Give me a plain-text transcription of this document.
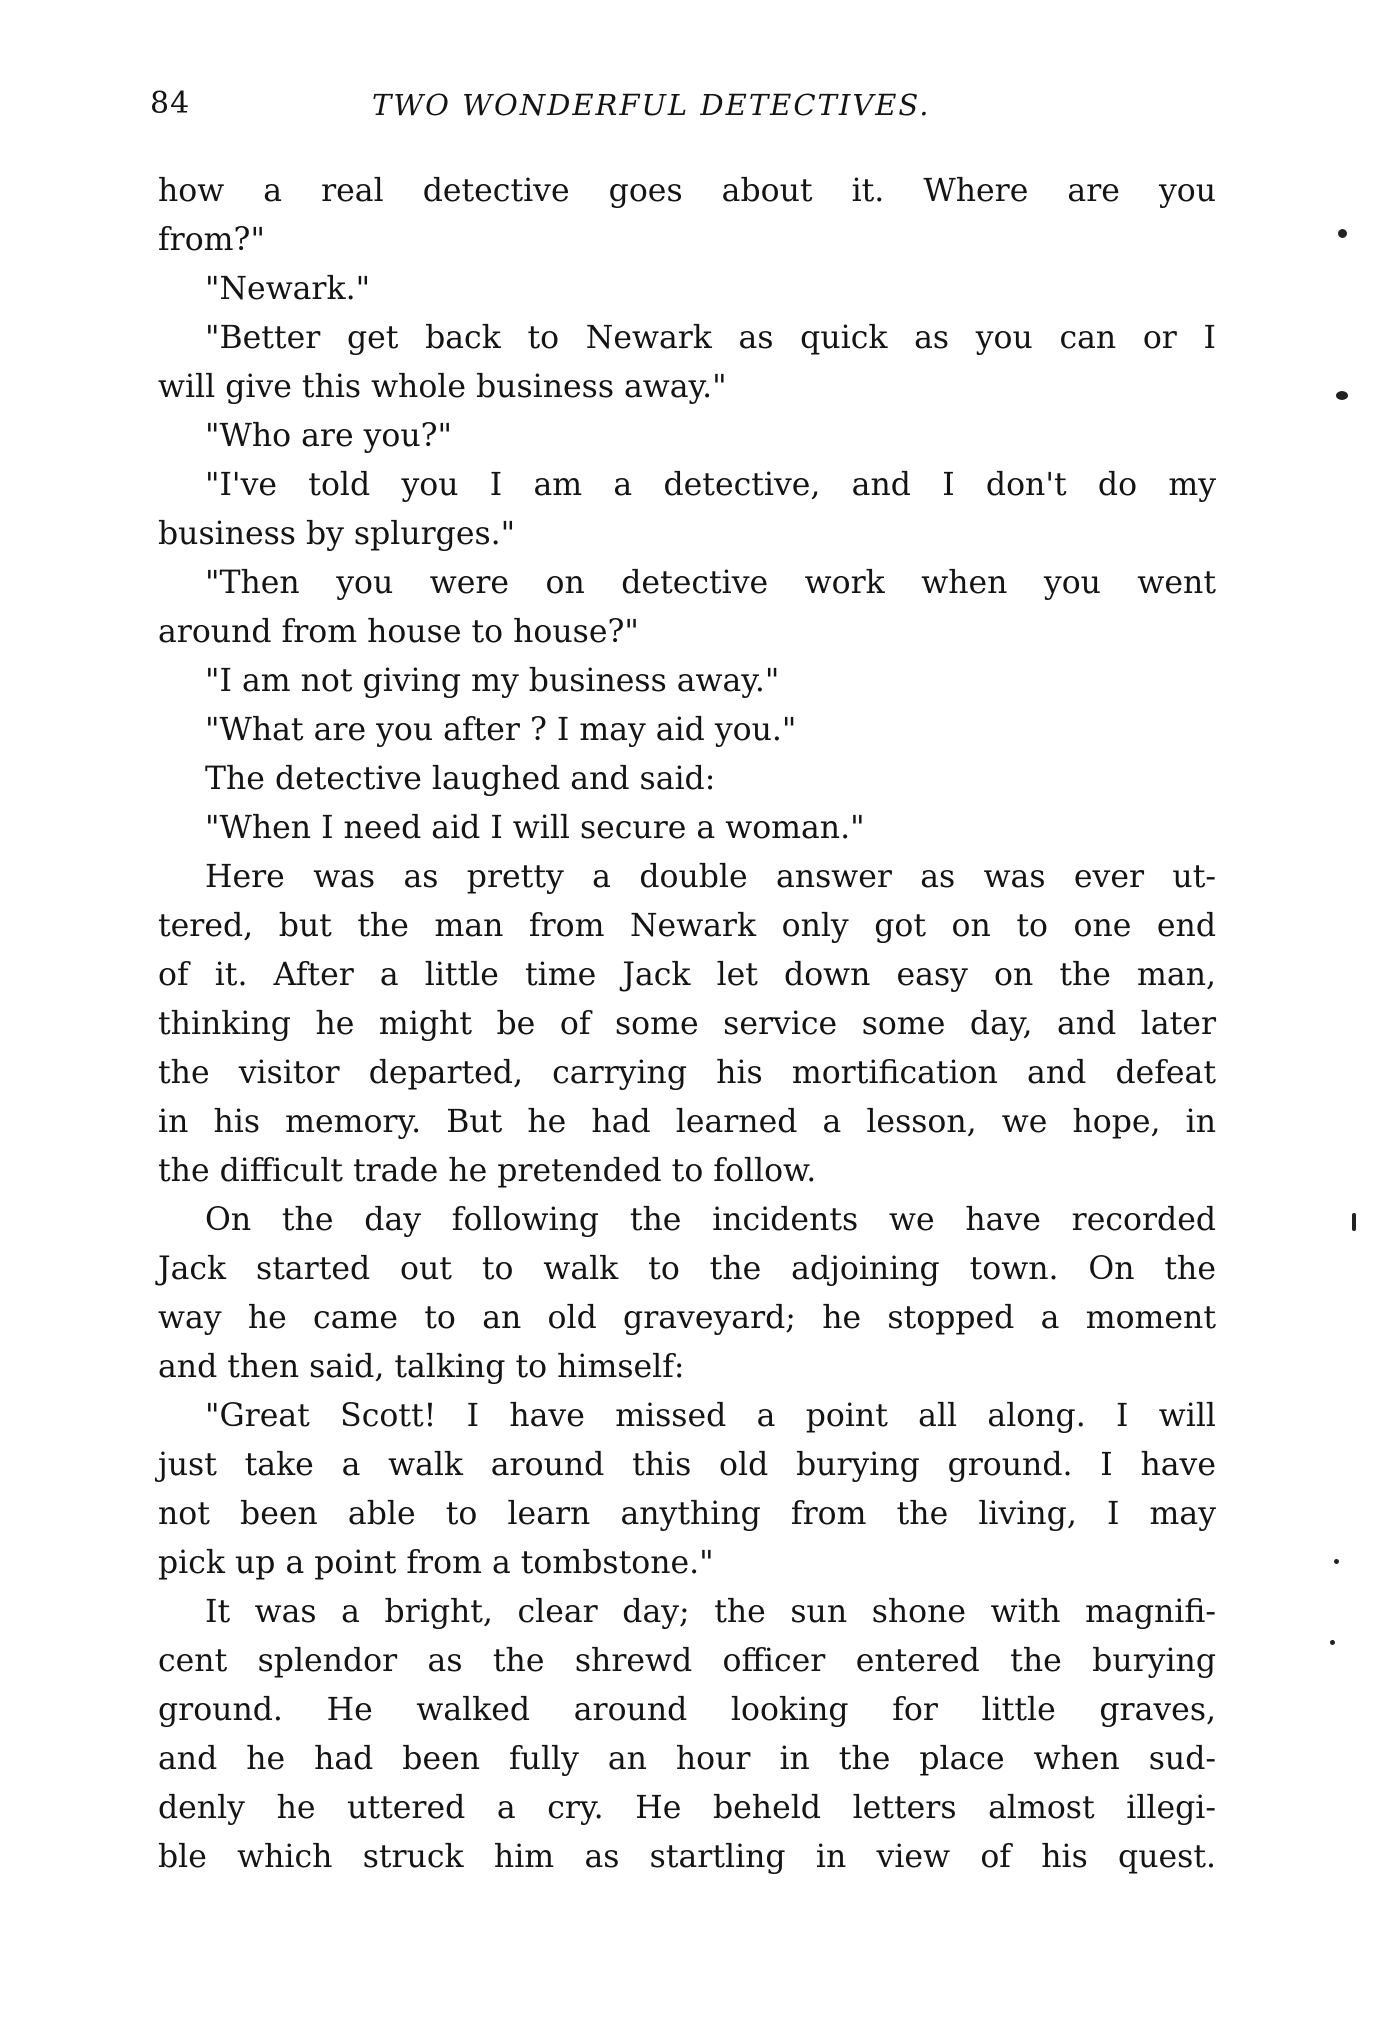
84	TWO WONDERFUL DETECTIVES.
how a real detective goes about it. Where are you
from?"
"Newark."
"Better get back to Newark as quick as you can or I
will give this whole business away."
"Who are you?"
"I've told you I am a detective, and I don't do my
business by splurges."
"Then you were on detective work when you went
around from house to house?"
"I am not giving my business away."
"What are you after ? I may aid you."
The detective laughed and said:
"When I need aid I will secure a woman."
Here was as pretty a double answer as was ever ut-
tered, but the man from Newark only got on to one end
of it. After a little time Jack let down easy on the man,
thinking he might be of some service some day, and later
the visitor departed, carrying his mortification and defeat
in his memory. But he had learned a lesson, we hope, in
the difficult trade he pretended to follow.
On the day following the incidents we have recorded
Jack started out to walk to the adjoining town. On the
way he came to an old graveyard; he stopped a moment
and then said, talking to himself:
"Great Scott! I have missed a point all along. I will
just take a walk around this old burying ground. I have
not been able to learn anything from the living, I may
pick up a point from a tombstone."
It was a bright, clear day; the sun shone with magnifi-
cent splendor as the shrewd officer entered the burying
ground. He walked around looking for little graves,
and he had been fully an hour in the place when sud-
denly he uttered a cry. He beheld letters almost illegi-
ble which struck him as startling in view of his quest.
